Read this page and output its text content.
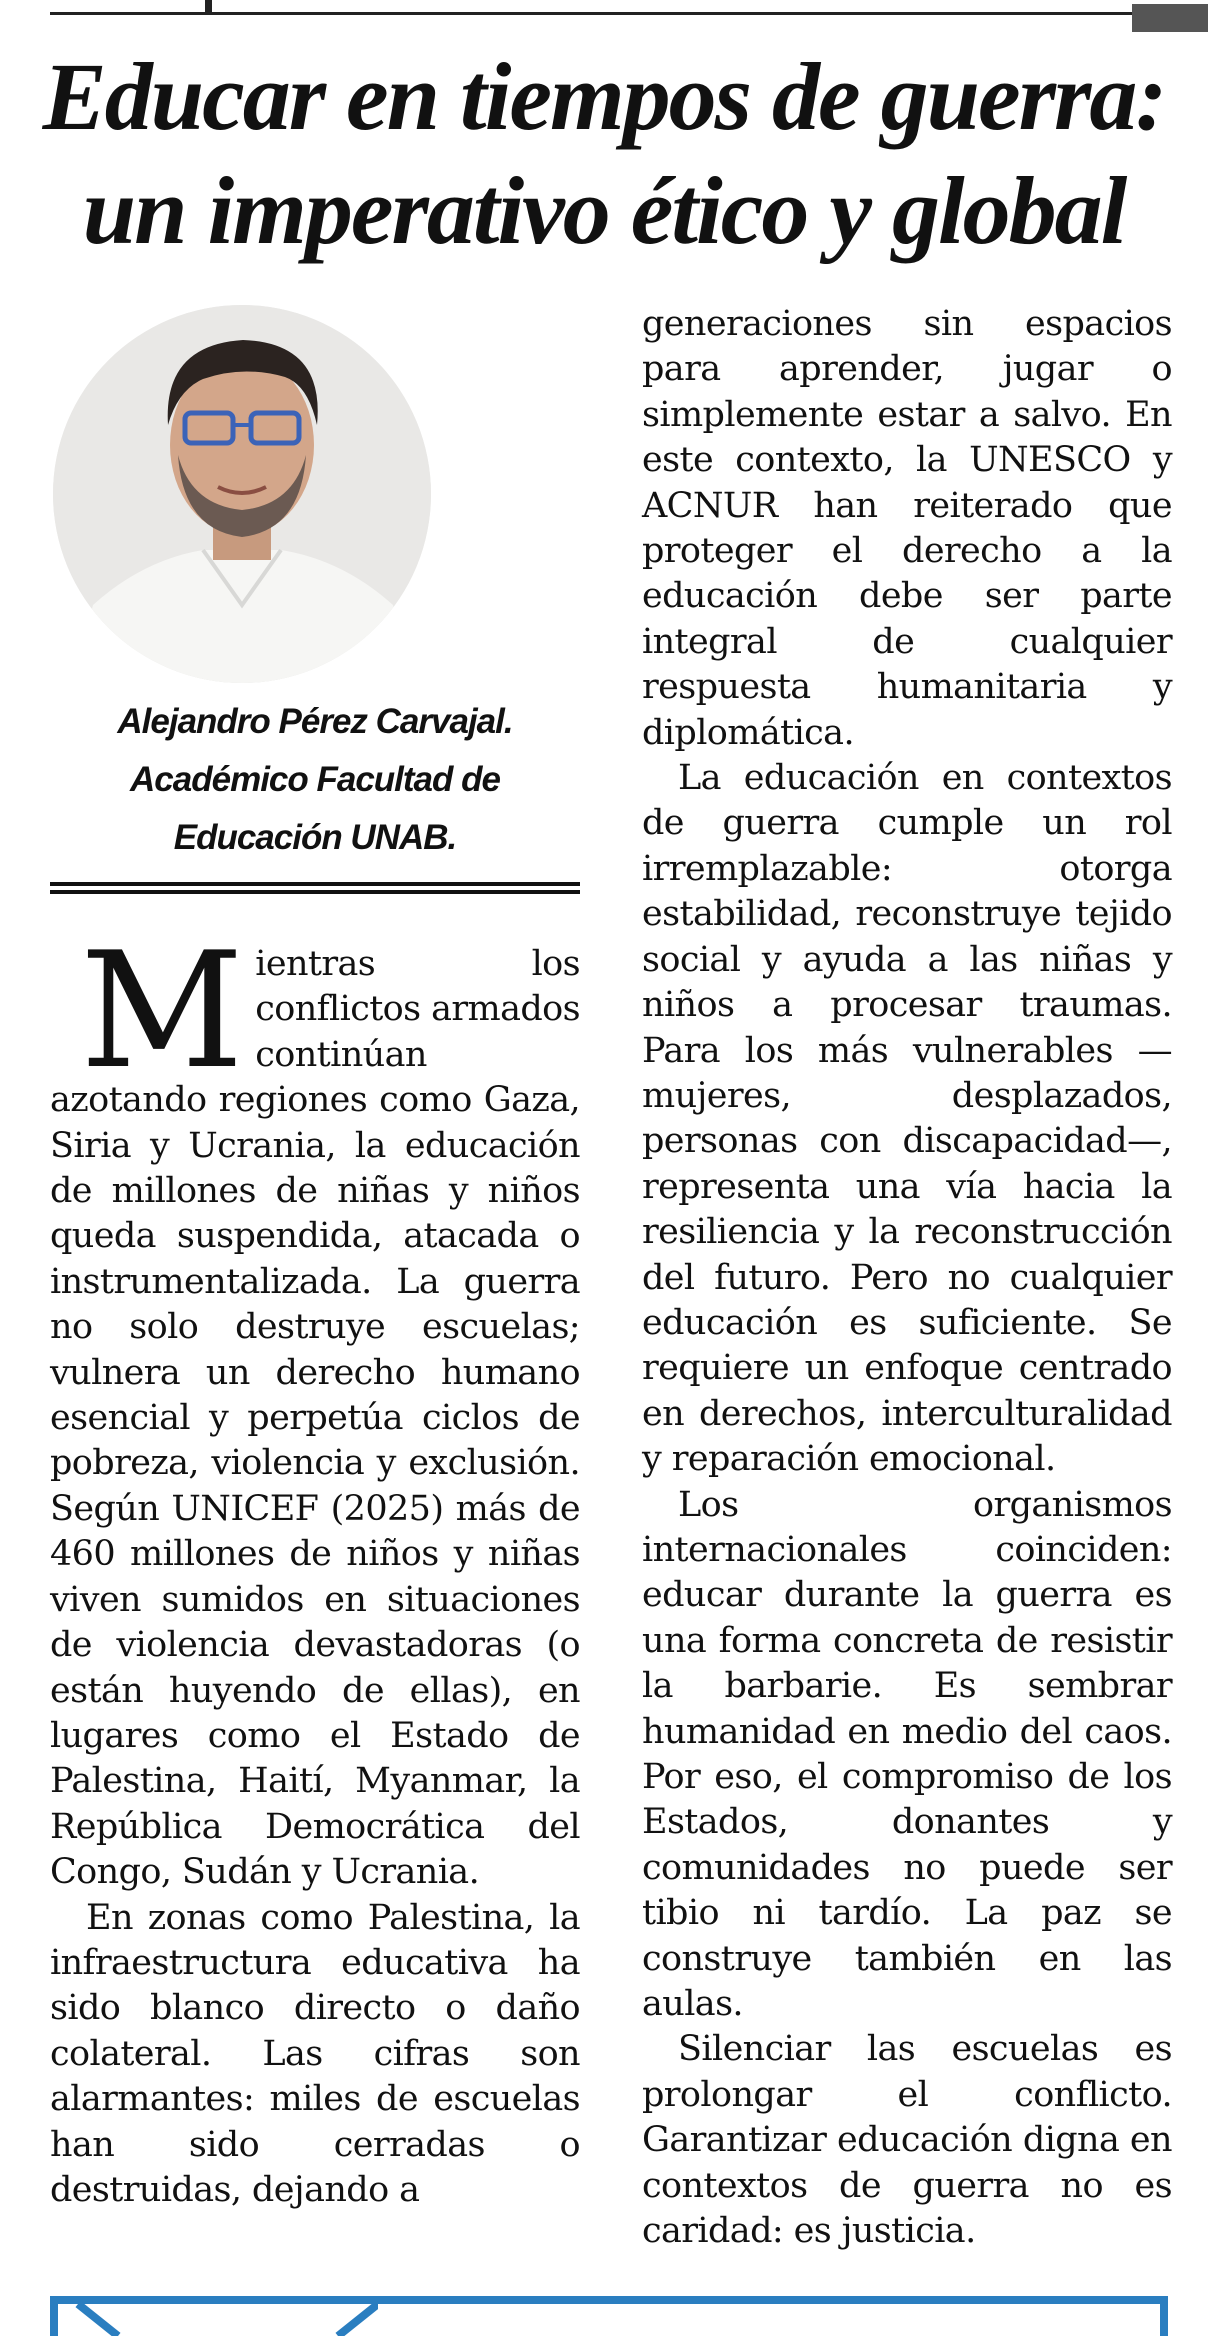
Educar en tiempos de guerra:
un imperativo ético y global
Alejandro Pérez Carvajal.
Académico Facultad de
Educación UNAB.
Mientras los conflictos armados continúan azotando regiones como Gaza, Siria y Ucrania, la educación de millones de niñas y niños queda suspendida, atacada o instrumentalizada. La guerra no solo destruye escuelas; vulnera un derecho humano esencial y perpetúa ciclos de pobreza, violencia y exclusión. Según UNICEF (2025) más de 460 millones de niños y niñas viven sumidos en situaciones de violencia devastadoras (o están huyendo de ellas), en lugares como el Estado de Palestina, Haití, Myanmar, la República Democrática del Congo, Sudán y Ucrania.
En zonas como Palestina, la infraestructura educativa ha sido blanco directo o daño colateral. Las cifras son alarmantes: miles de escuelas han sido cerradas o destruidas, dejando a
generaciones sin espacios para aprender, jugar o simplemente estar a salvo. En este contexto, la UNESCO y ACNUR han reiterado que proteger el derecho a la educación debe ser parte integral de cualquier respuesta humanitaria y diplomática.
La educación en contextos de guerra cumple un rol irremplazable: otorga estabilidad, reconstruye tejido social y ayuda a las niñas y niños a procesar traumas. Para los más vulnerables — mujeres, desplazados, personas con discapacidad—, representa una vía hacia la resiliencia y la reconstrucción del futuro. Pero no cualquier educación es suficiente. Se requiere un enfoque centrado en derechos, interculturalidad y reparación emocional.
Los organismos internacionales coinciden: educar durante la guerra es una forma concreta de resistir la barbarie. Es sembrar humanidad en medio del caos. Por eso, el compromiso de los Estados, donantes y comunidades no puede ser tibio ni tardío. La paz se construye también en las aulas.
Silenciar las escuelas es prolongar el conflicto. Garantizar educación digna en contextos de guerra no es caridad: es justicia.
